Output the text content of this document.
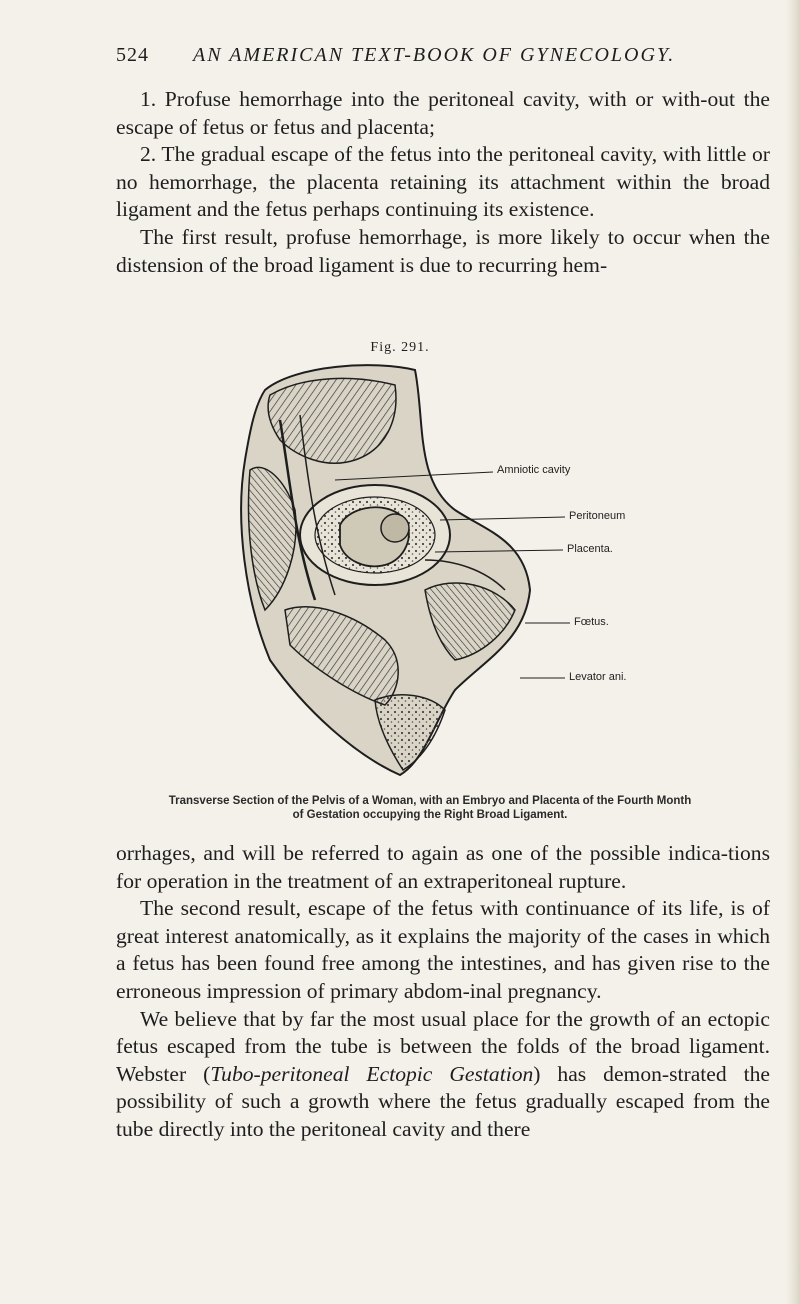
524 AN AMERICAN TEXT-BOOK OF GYNECOLOGY.

1. Profuse hemorrhage into the peritoneal cavity, with or with-out the escape of fetus or fetus and placenta;

2. The gradual escape of the fetus into the peritoneal cavity, with little or no hemorrhage, the placenta retaining its attachment within the broad ligament and the fetus perhaps continuing its existence.

The first result, profuse hemorrhage, is more likely to occur when the distension of the broad ligament is due to recurring hem-

Fig. 291.
Amniotic cavity
Peritoneum
Placenta.
Fœtus.
Levator ani.
Transverse Section of the Pelvis of a Woman, with an Embryo and Placenta of the Fourth Month
of Gestation occupying the Right Broad Ligament.

orrhages, and will be referred to again as one of the possible indica-tions for operation in the treatment of an extraperitoneal rupture.

The second result, escape of the fetus with continuance of its life, is of great interest anatomically, as it explains the majority of the cases in which a fetus has been found free among the intestines, and has given rise to the erroneous impression of primary abdom-inal pregnancy.

We believe that by far the most usual place for the growth of an ectopic fetus escaped from the tube is between the folds of the broad ligament. Webster (Tubo-peritoneal Ectopic Gestation) has demon-strated the possibility of such a growth where the fetus gradually escaped from the tube directly into the peritoneal cavity and there
